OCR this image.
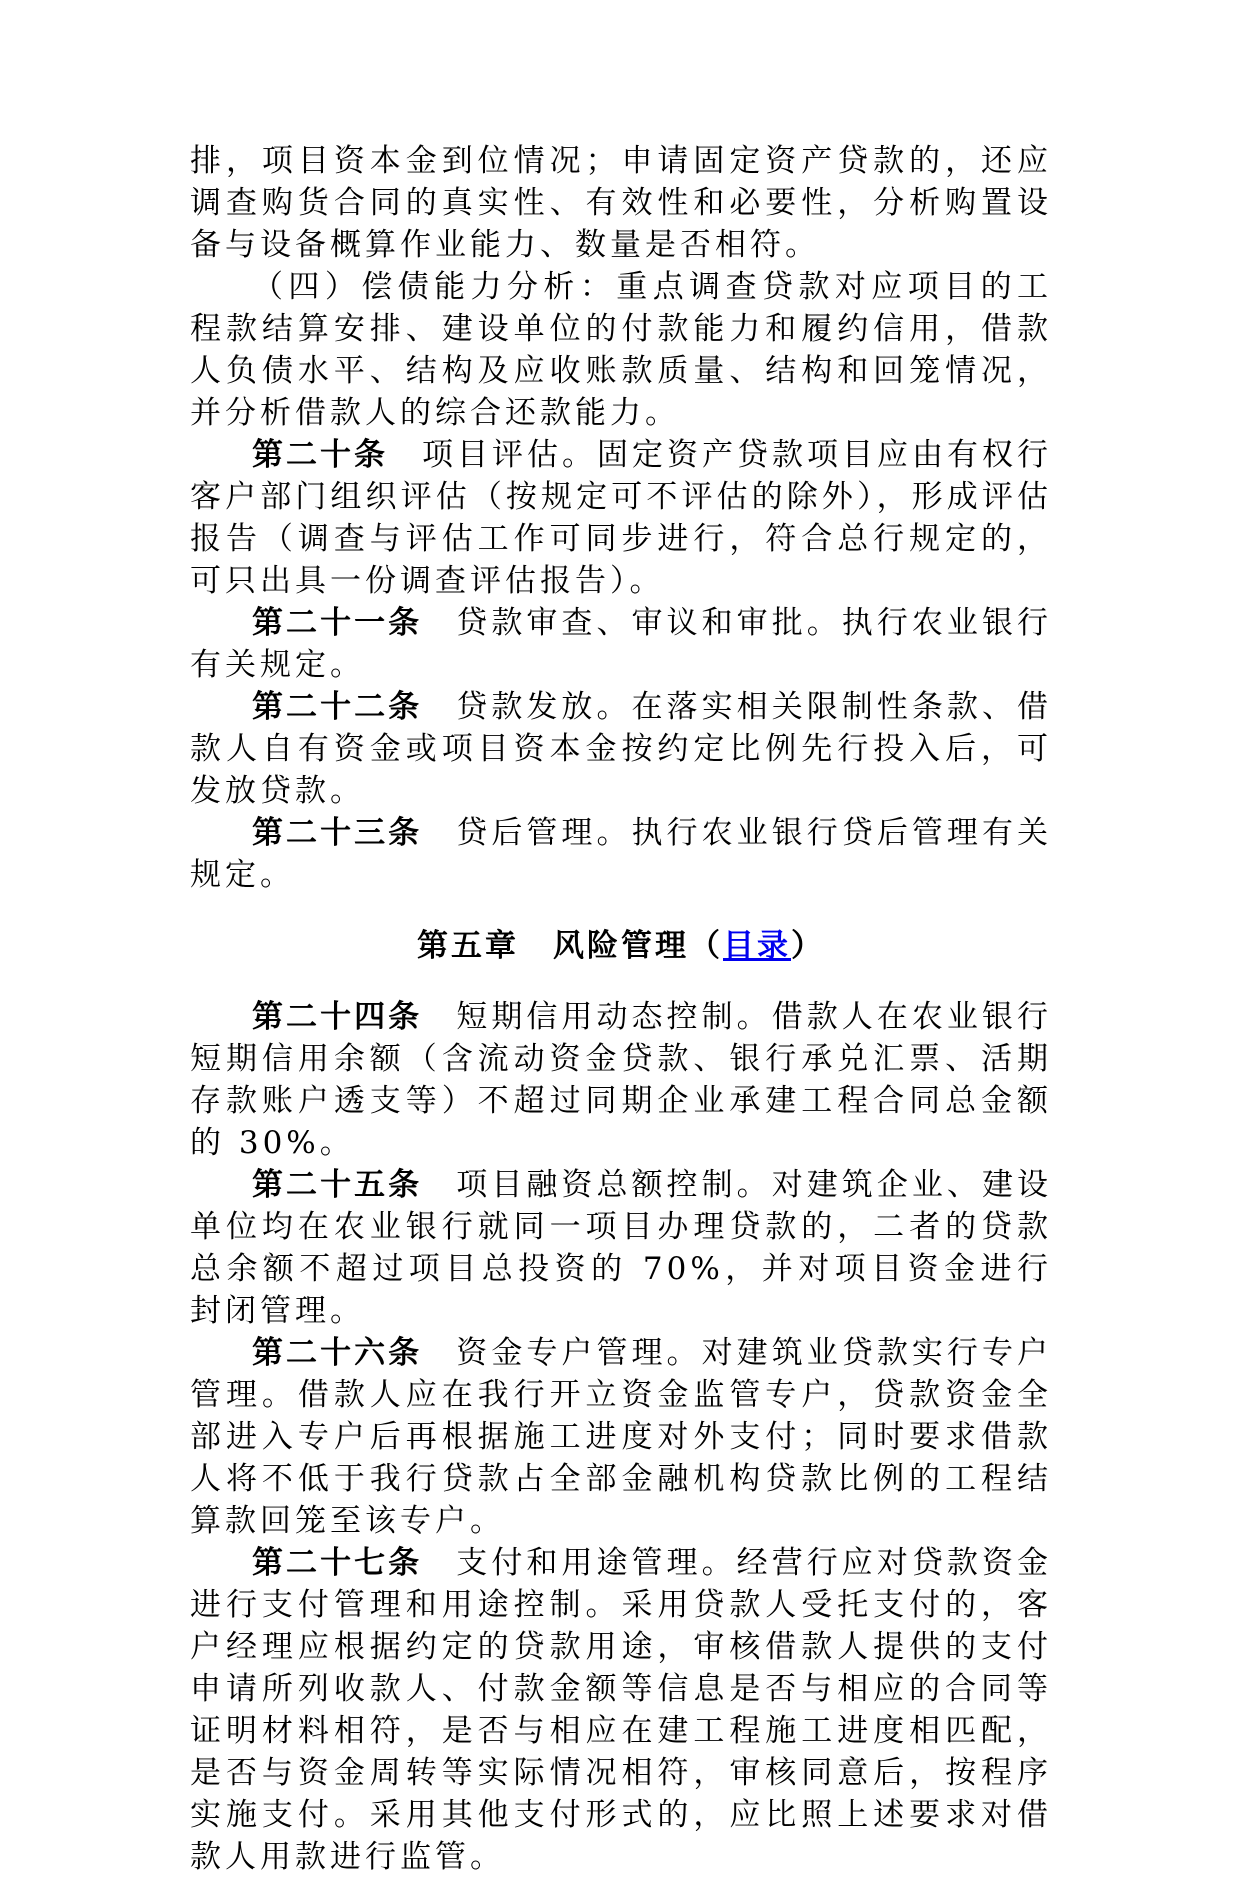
排，项目资本金到位情况；申请固定资产贷款的，还应调查购货合同的真实性、有效性和必要性，分析购置设备与设备概算作业能力、数量是否相符。

（四）偿债能力分析：重点调查贷款对应项目的工程款结算安排、建设单位的付款能力和履约信用，借款人负债水平、结构及应收账款质量、结构和回笼情况，并分析借款人的综合还款能力。

第二十条 项目评估。固定资产贷款项目应由有权行客户部门组织评估（按规定可不评估的除外），形成评估报告（调查与评估工作可同步进行，符合总行规定的，可只出具一份调查评估报告）。

第二十一条 贷款审查、审议和审批。执行农业银行有关规定。

第二十二条 贷款发放。在落实相关限制性条款、借款人自有资金或项目资本金按约定比例先行投入后，可发放贷款。

第二十三条 贷后管理。执行农业银行贷后管理有关规定。

第五章　风险管理（目录）

第二十四条 短期信用动态控制。借款人在农业银行短期信用余额（含流动资金贷款、银行承兑汇票、活期存款账户透支等）不超过同期企业承建工程合同总金额的 30%。

第二十五条 项目融资总额控制。对建筑企业、建设单位均在农业银行就同一项目办理贷款的，二者的贷款总余额不超过项目总投资的 70%，并对项目资金进行封闭管理。

第二十六条 资金专户管理。对建筑业贷款实行专户管理。借款人应在我行开立资金监管专户，贷款资金全部进入专户后再根据施工进度对外支付；同时要求借款人将不低于我行贷款占全部金融机构贷款比例的工程结算款回笼至该专户。

第二十七条 支付和用途管理。经营行应对贷款资金进行支付管理和用途控制。采用贷款人受托支付的，客户经理应根据约定的贷款用途，审核借款人提供的支付申请所列收款人、付款金额等信息是否与相应的合同等证明材料相符，是否与相应在建工程施工进度相匹配，是否与资金周转等实际情况相符，审核同意后，按程序实施支付。采用其他支付形式的，应比照上述要求对借款人用款进行监管。
